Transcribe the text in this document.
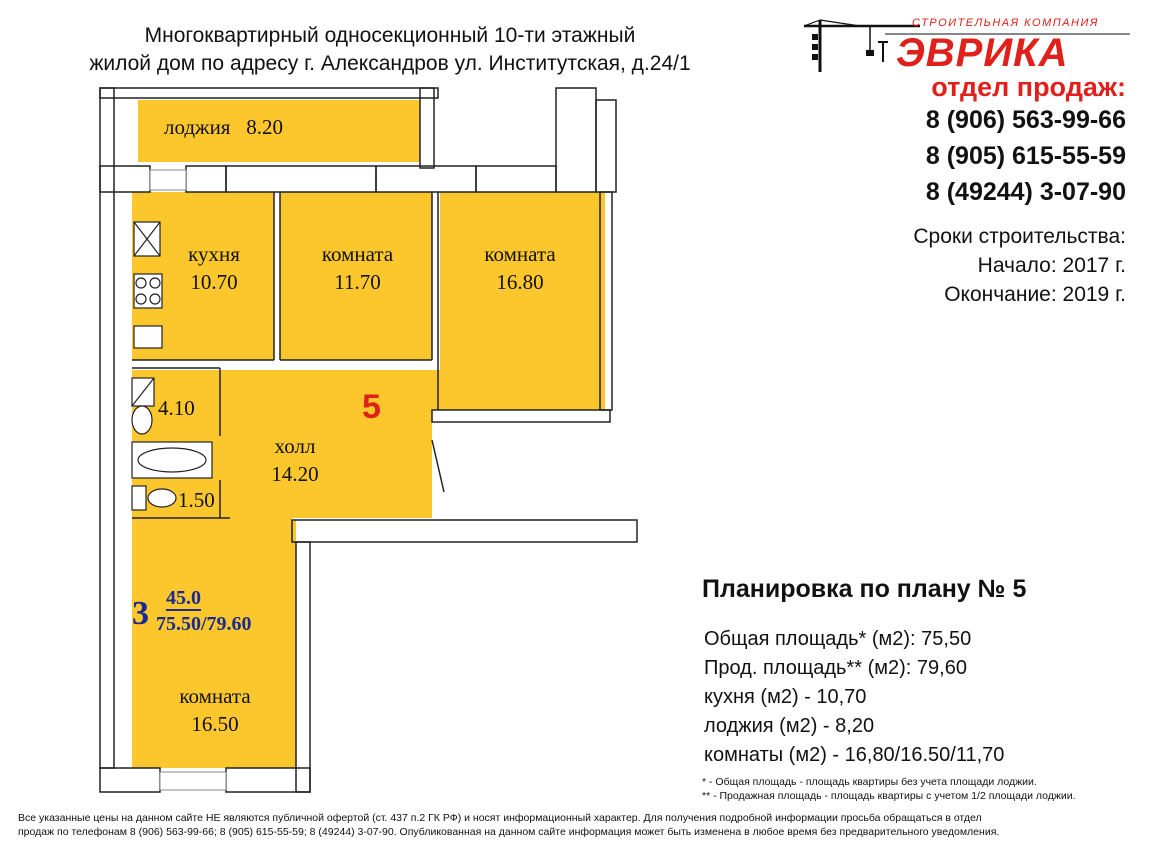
Многоквартирный односекционный 10-ти этажный
жилой дом по адресу г. Александров ул. Институтская, д.24/1
СТРОИТЕЛЬНАЯ КОМПАНИЯ
ЭВРИКА
отдел продаж:
8 (906) 563-99-66
8 (905) 615-55-59
8 (49244) 3-07-90
Сроки строительства:
Начало: 2017 г.
Окончание: 2019 г.
лоджия 8.20
кухня
10.70
комната
11.70
комната
16.80
4.10
холл
14.20
1.50
комната
16.50
5
3 45.0
75.50/79.60
Планировка по плану № 5
Общая площадь* (м2): 75,50
Прод. площадь** (м2): 79,60
кухня (м2) - 10,70
лоджия (м2) - 8,20
комнаты (м2) - 16,80/16.50/11,70
* - Общая площадь - площадь квартиры без учета площади лоджии.
** - Продажная площадь - площадь квартиры с учетом 1/2 площади лоджии.
Все указанные цены на данном сайте НЕ являются публичной офертой (ст. 437 п.2 ГК РФ) и носят информационный характер. Для получения подробной информации просьба обращаться в отдел
продаж по телефонам 8 (906) 563-99-66; 8 (905) 615-55-59; 8 (49244) 3-07-90. Опубликованная на данном сайте информация может быть изменена в любое время без предварительного уведомления.
